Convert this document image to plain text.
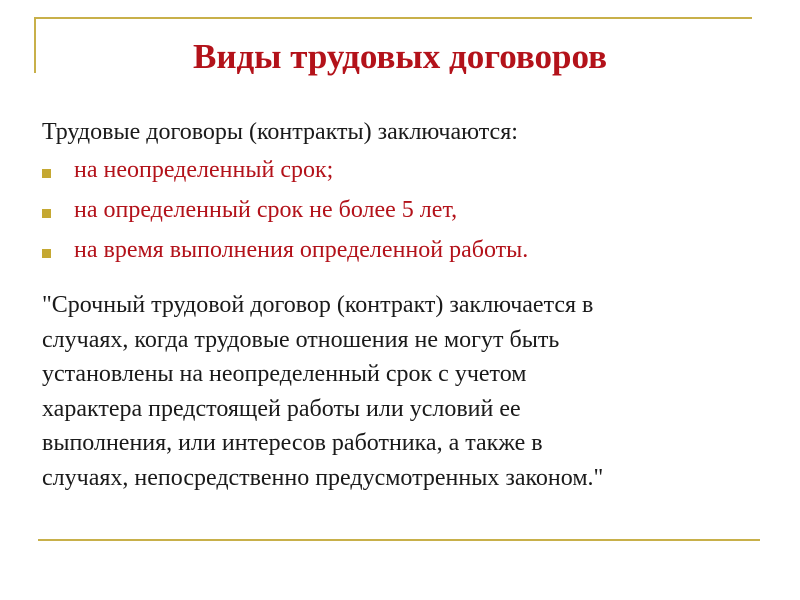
Виды трудовых договоров
Трудовые договоры (контракты) заключаются:
на неопределенный срок;
на определенный срок не более 5 лет,
на время выполнения определенной работы.
"Срочный трудовой договор (контракт) заключается в
случаях, когда трудовые отношения не могут быть
установлены на неопределенный срок с учетом
характера предстоящей работы или условий ее
выполнения, или интересов работника, а также в
случаях, непосредственно предусмотренных законом."
